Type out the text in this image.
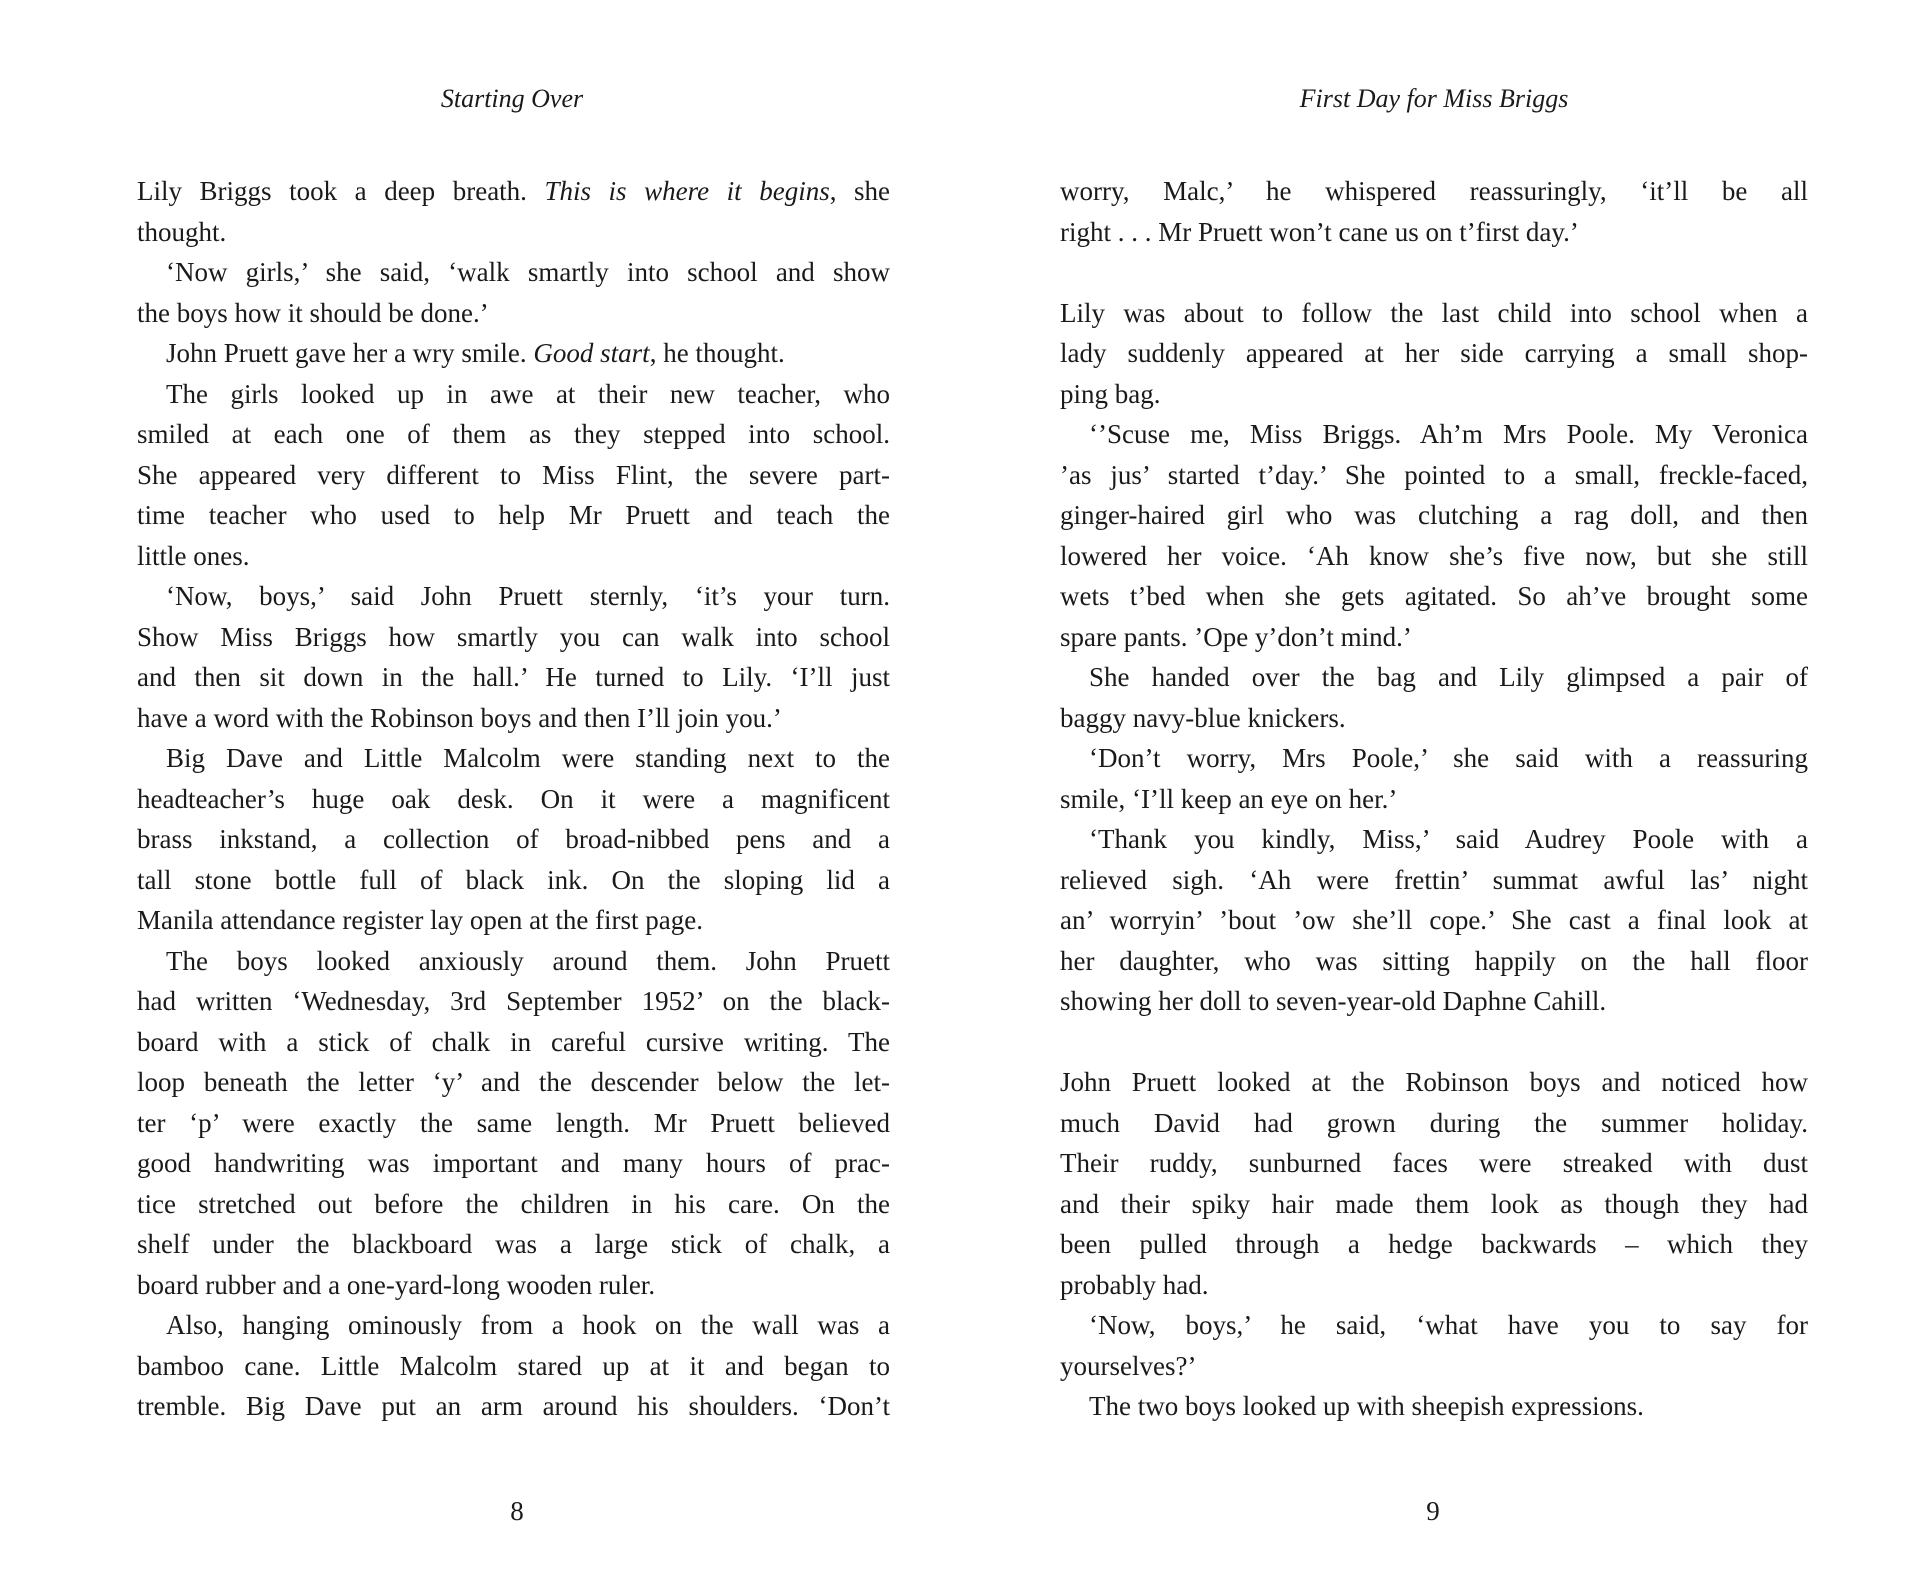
Starting Over
Lily Briggs took a deep breath. This is where it begins, she
thought.
‘Now girls,’ she said, ‘walk smartly into school and show
the boys how it should be done.’
John Pruett gave her a wry smile. Good start, he thought.
The girls looked up in awe at their new teacher, who
smiled at each one of them as they stepped into school.
She appeared very different to Miss Flint, the severe part-
time teacher who used to help Mr Pruett and teach the
little ones.
‘Now, boys,’ said John Pruett sternly, ‘it’s your turn.
Show Miss Briggs how smartly you can walk into school
and then sit down in the hall.’ He turned to Lily. ‘I’ll just
have a word with the Robinson boys and then I’ll join you.’
Big Dave and Little Malcolm were standing next to the
headteacher’s huge oak desk. On it were a magnificent
brass inkstand, a collection of broad-nibbed pens and a
tall stone bottle full of black ink. On the sloping lid a
Manila attendance register lay open at the first page.
The boys looked anxiously around them. John Pruett
had written ‘Wednesday, 3rd September 1952’ on the black-
board with a stick of chalk in careful cursive writing. The
loop beneath the letter ‘y’ and the descender below the let-
ter ‘p’ were exactly the same length. Mr Pruett believed
good handwriting was important and many hours of prac-
tice stretched out before the children in his care. On the
shelf under the blackboard was a large stick of chalk, a
board rubber and a one-yard-long wooden ruler.
Also, hanging ominously from a hook on the wall was a
bamboo cane. Little Malcolm stared up at it and began to
tremble. Big Dave put an arm around his shoulders. ‘Don’t
8
First Day for Miss Briggs
worry, Malc,’ he whispered reassuringly, ‘it’ll be all
right . . . Mr Pruett won’t cane us on t’first day.’
Lily was about to follow the last child into school when a
lady suddenly appeared at her side carrying a small shop-
ping bag.
‘’Scuse me, Miss Briggs. Ah’m Mrs Poole. My Veronica
’as jus’ started t’day.’ She pointed to a small, freckle-faced,
ginger-haired girl who was clutching a rag doll, and then
lowered her voice. ‘Ah know she’s five now, but she still
wets t’bed when she gets agitated. So ah’ve brought some
spare pants. ’Ope y’don’t mind.’
She handed over the bag and Lily glimpsed a pair of
baggy navy-blue knickers.
‘Don’t worry, Mrs Poole,’ she said with a reassuring
smile, ‘I’ll keep an eye on her.’
‘Thank you kindly, Miss,’ said Audrey Poole with a
relieved sigh. ‘Ah were frettin’ summat awful las’ night
an’ worryin’ ’bout ’ow she’ll cope.’ She cast a final look at
her daughter, who was sitting happily on the hall floor
showing her doll to seven-year-old Daphne Cahill.
John Pruett looked at the Robinson boys and noticed how
much David had grown during the summer holiday.
Their ruddy, sunburned faces were streaked with dust
and their spiky hair made them look as though they had
been pulled through a hedge backwards – which they
probably had.
‘Now, boys,’ he said, ‘what have you to say for
yourselves?’
The two boys looked up with sheepish expressions.
9
